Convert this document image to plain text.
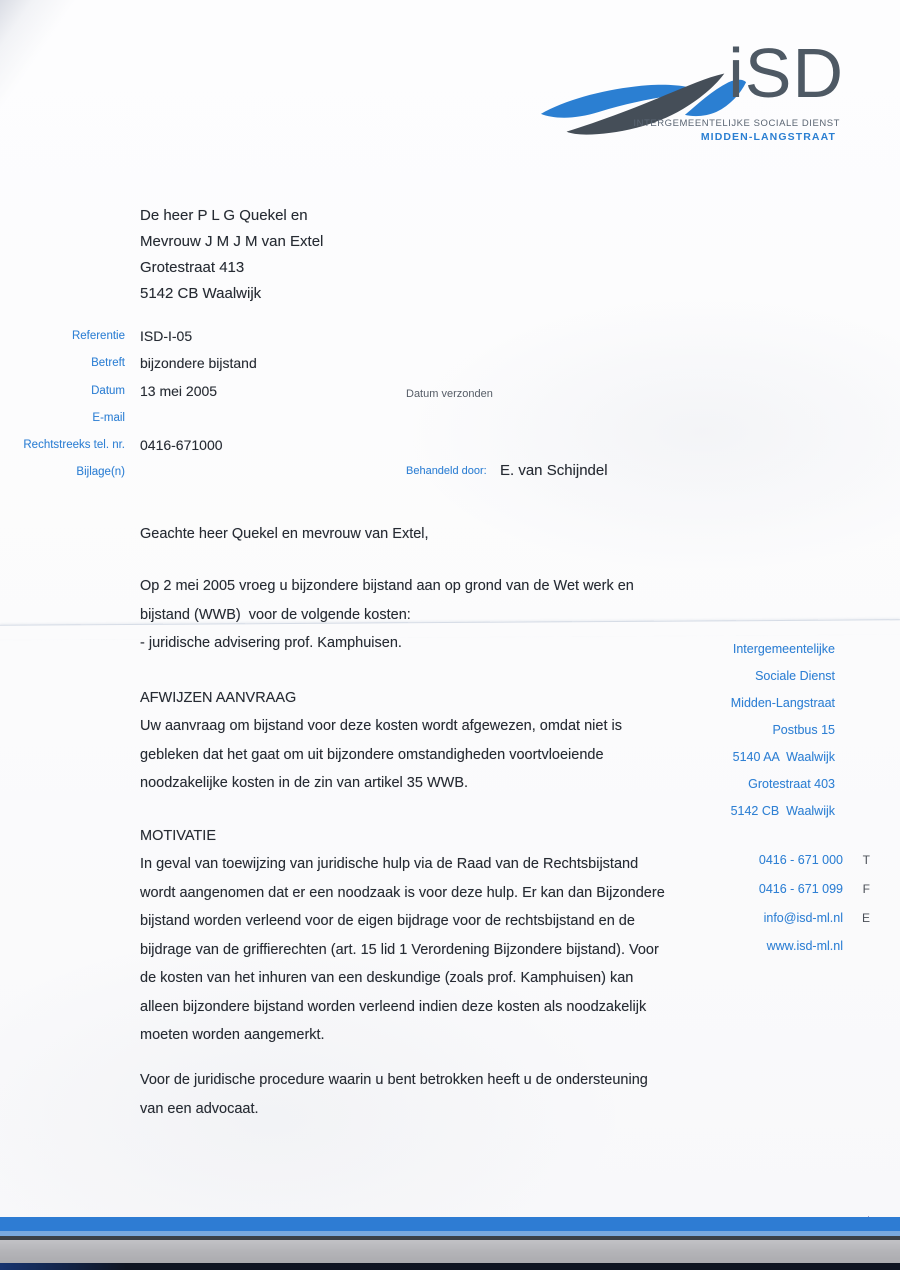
iSD
INTERGEMEENTELIJKE SOCIALE DIENST
MIDDEN-LANGSTRAAT
De heer P L G Quekel en
Mevrouw J M J M van Extel
Grotestraat 413
5142 CB Waalwijk
Referentie ISD-I-05
Betreft bijzondere bijstand
Datum 13 mei 2005
E-mail
Rechtstreeks tel. nr. 0416-671000
Bijlage(n)
Datum verzonden
Behandeld door: E. van Schijndel
Geachte heer Quekel en mevrouw van Extel,
Op 2 mei 2005 vroeg u bijzondere bijstand aan op grond van de Wet werk en
bijstand (WWB)  voor de volgende kosten:
- juridische advisering prof. Kamphuisen.
AFWIJZEN AANVRAAG
Uw aanvraag om bijstand voor deze kosten wordt afgewezen, omdat niet is
gebleken dat het gaat om uit bijzondere omstandigheden voortvloeiende
noodzakelijke kosten in de zin van artikel 35 WWB.
MOTIVATIE
In geval van toewijzing van juridische hulp via de Raad van de Rechtsbijstand
wordt aangenomen dat er een noodzaak is voor deze hulp. Er kan dan Bijzondere
bijstand worden verleend voor de eigen bijdrage voor de rechtsbijstand en de
bijdrage van de griffierechten (art. 15 lid 1 Verordening Bijzondere bijstand). Voor
de kosten van het inhuren van een deskundige (zoals prof. Kamphuisen) kan
alleen bijzondere bijstand worden verleend indien deze kosten als noodzakelijk
moeten worden aangemerkt.
Voor de juridische procedure waarin u bent betrokken heeft u de ondersteuning
van een advocaat.
Intergemeentelijke
Sociale Dienst
Midden-Langstraat
Postbus 15
5140 AA  Waalwijk
Grotestraat 403
5142 CB  Waalwijk
0416 - 671 000	T
0416 - 671 099	F
info@isd-ml.nl	E
www.isd-ml.nl
